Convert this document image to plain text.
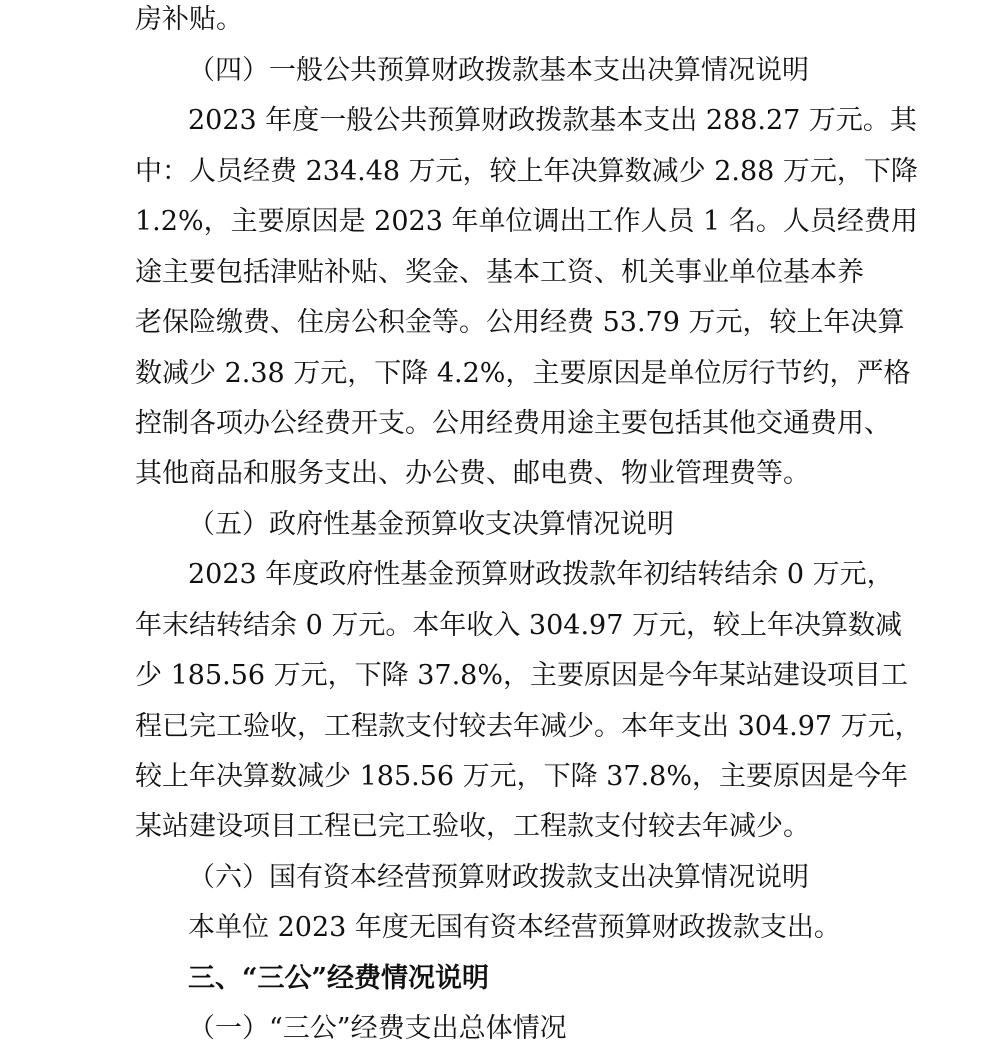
房补贴。
（四）一般公共预算财政拨款基本支出决算情况说明
2023 年度一般公共预算财政拨款基本支出 288.27 万元。其
中：人员经费 234.48 万元，较上年决算数减少 2.88 万元，下降
1.2%，主要原因是 2023 年单位调出工作人员 1 名。人员经费用
途主要包括津贴补贴、奖金、基本工资、机关事业单位基本养
老保险缴费、住房公积金等。公用经费 53.79 万元，较上年决算
数减少 2.38 万元，下降 4.2%，主要原因是单位厉行节约，严格
控制各项办公经费开支。公用经费用途主要包括其他交通费用、
其他商品和服务支出、办公费、邮电费、物业管理费等。
（五）政府性基金预算收支决算情况说明
2023 年度政府性基金预算财政拨款年初结转结余 0 万元，
年末结转结余 0 万元。本年收入 304.97 万元，较上年决算数减
少 185.56 万元，下降 37.8%，主要原因是今年某站建设项目工
程已完工验收，工程款支付较去年减少。本年支出 304.97 万元，
较上年决算数减少 185.56 万元，下降 37.8%，主要原因是今年
某站建设项目工程已完工验收，工程款支付较去年减少。
（六）国有资本经营预算财政拨款支出决算情况说明
本单位 2023 年度无国有资本经营预算财政拨款支出。
三、“三公”经费情况说明
（一）“三公”经费支出总体情况
